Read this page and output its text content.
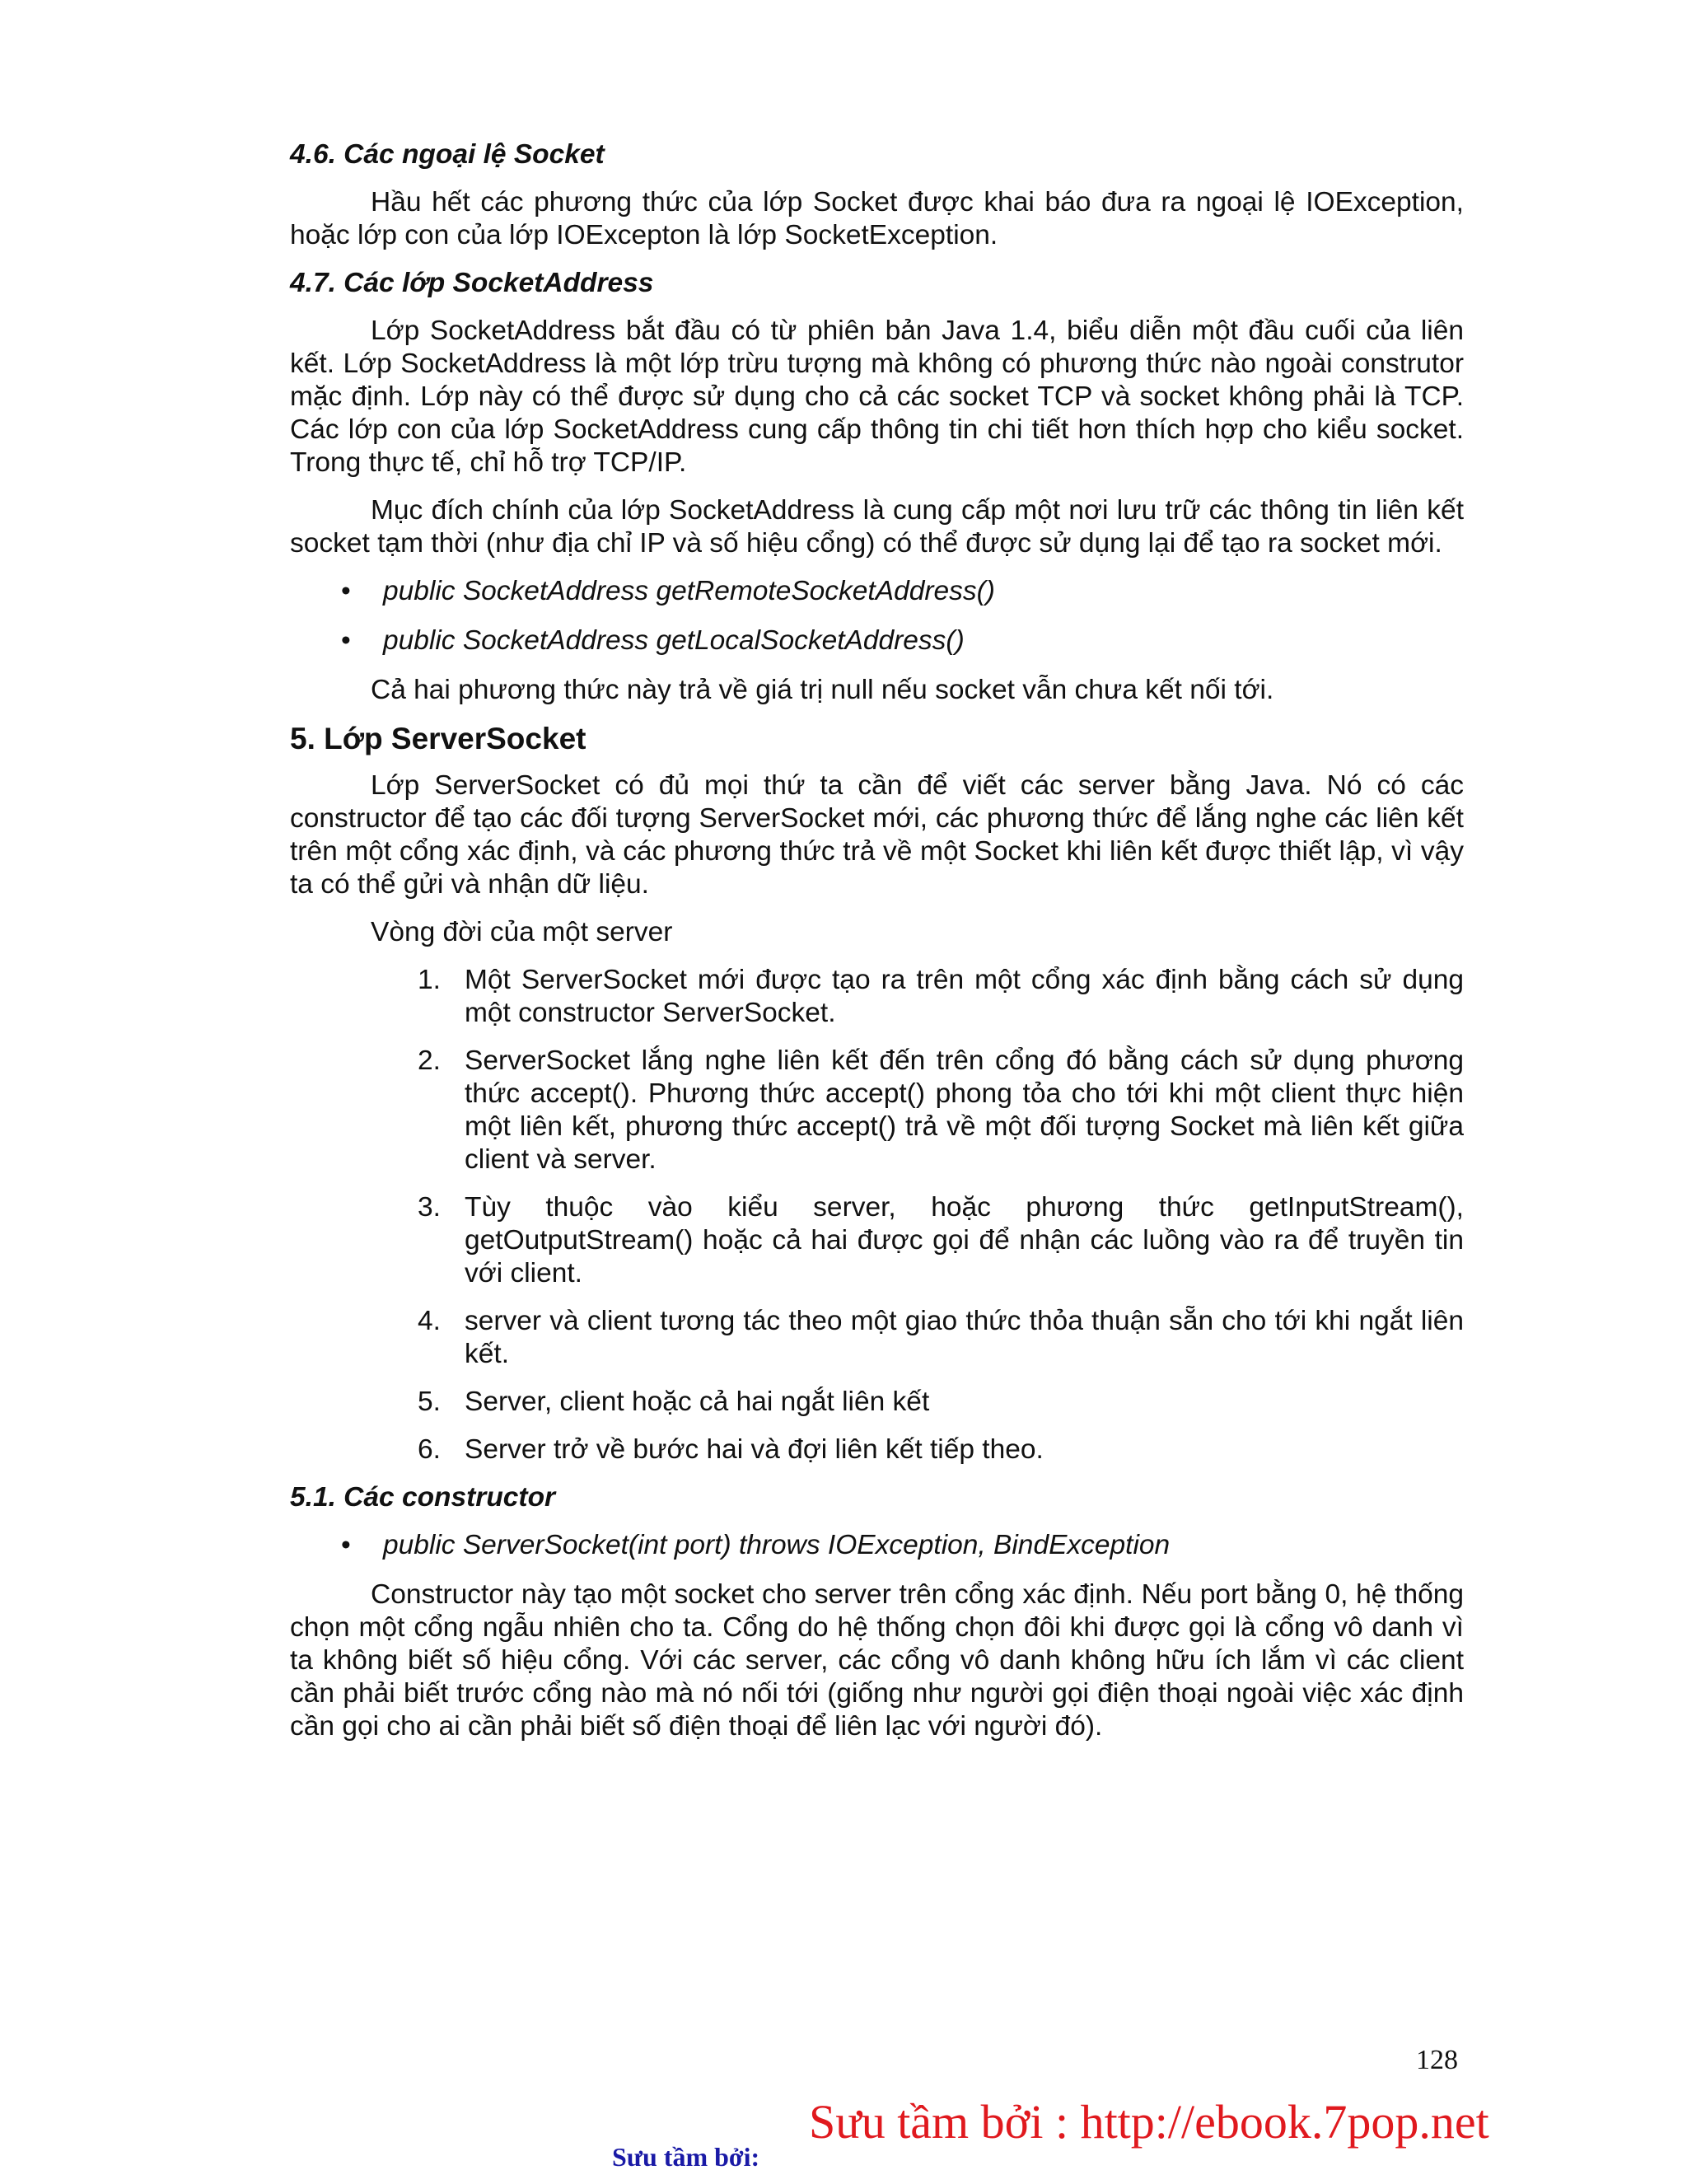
4.6. Các ngoại lệ Socket
Hầu hết các phương thức của lớp Socket được khai báo đưa ra ngoại lệ IOException, hoặc lớp con của lớp IOExcepton là lớp SocketException.
4.7. Các lớp SocketAddress
Lớp SocketAddress bắt đầu có từ phiên bản Java 1.4, biểu diễn một đầu cuối của liên kết. Lớp SocketAddress là một lớp trừu tượng mà không có phương thức nào ngoài construtor mặc định. Lớp này có thể được sử dụng cho cả các socket TCP và socket không phải là TCP. Các lớp con của lớp SocketAddress cung cấp thông tin chi tiết hơn thích hợp cho kiểu socket. Trong thực tế, chỉ hỗ trợ TCP/IP.
Mục đích chính của lớp SocketAddress là cung cấp một nơi lưu trữ các thông tin liên kết socket tạm thời (như địa chỉ IP và số hiệu cổng) có thể được sử dụng lại để tạo ra socket mới.
• public SocketAddress getRemoteSocketAddress()
• public SocketAddress getLocalSocketAddress()
Cả hai phương thức này trả về giá trị null nếu socket vẫn chưa kết nối tới.
5. Lớp ServerSocket
Lớp ServerSocket có đủ mọi thứ ta cần để viết các server bằng Java. Nó có các constructor để tạo các đối tượng ServerSocket mới, các phương thức để lắng nghe các liên kết trên một cổng xác định, và các phương thức trả về một Socket khi liên kết được thiết lập, vì vậy ta có thể gửi và nhận dữ liệu.
Vòng đời của một server
1. Một ServerSocket mới được tạo ra trên một cổng xác định bằng cách sử dụng một constructor ServerSocket.
2. ServerSocket lắng nghe liên kết đến trên cổng đó bằng cách sử dụng phương thức accept(). Phương thức accept() phong tỏa cho tới khi một client thực hiện một liên kết, phương thức accept() trả về một đối tượng Socket mà liên kết giữa client và server.
3. Tùy thuộc vào kiểu server, hoặc phương thức getInputStream(), getOutputStream() hoặc cả hai được gọi để nhận các luồng vào ra để truyền tin với client.
4. server và client tương tác theo một giao thức thỏa thuận sẵn cho tới khi ngắt liên kết.
5. Server, client hoặc cả hai ngắt liên kết
6. Server trở về bước hai và đợi liên kết tiếp theo.
5.1. Các constructor
• public ServerSocket(int port) throws IOException, BindException
Constructor này tạo một socket cho server trên cổng xác định. Nếu port bằng 0, hệ thống chọn một cổng ngẫu nhiên cho ta. Cổng do hệ thống chọn đôi khi được gọi là cổng vô danh vì ta không biết số hiệu cổng. Với các server, các cổng vô danh không hữu ích lắm vì các client cần phải biết trước cổng nào mà nó nối tới (giống như người gọi điện thoại ngoài việc xác định cần gọi cho ai cần phải biết số điện thoại để liên lạc với người đó).
128
Sưu tầm bởi : http://ebook.7pop.net
Sưu tầm bởi:
